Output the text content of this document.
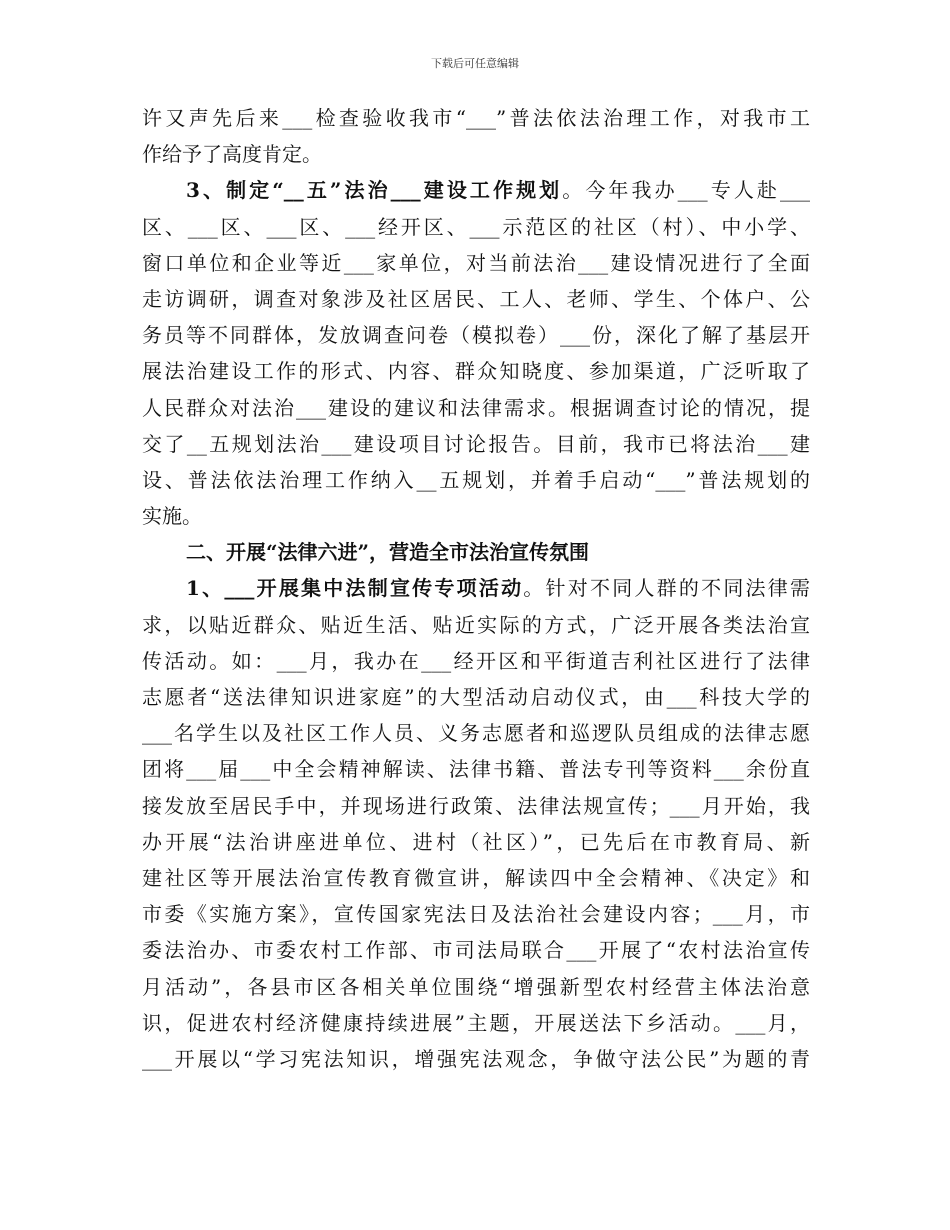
下载后可任意编辑
许又声先后来___检查验收我市“___”普法依法治理工作，对我市工
作给予了高度肯定。
3、制定“__五”法治___建设工作规划。今年我办___专人赴___
区、___区、___区、___经开区、___示范区的社区（村）、中小学、
窗口单位和企业等近___家单位，对当前法治___建设情况进行了全面
走访调研，调查对象涉及社区居民、工人、老师、学生、个体户、公
务员等不同群体，发放调查问卷（模拟卷）___份，深化了解了基层开
展法治建设工作的形式、内容、群众知晓度、参加渠道，广泛听取了
人民群众对法治___建设的建议和法律需求。根据调查讨论的情况，提
交了__五规划法治___建设项目讨论报告。目前，我市已将法治___建
设、普法依法治理工作纳入__五规划，并着手启动“___”普法规划的
实施。
二、开展“法律六进”，营造全市法治宣传氛围
1、___开展集中法制宣传专项活动。针对不同人群的不同法律需
求，以贴近群众、贴近生活、贴近实际的方式，广泛开展各类法治宣
传活动。如：___月，我办在___经开区和平街道吉利社区进行了法律
志愿者“送法律知识进家庭”的大型活动启动仪式，由___科技大学的
___名学生以及社区工作人员、义务志愿者和巡逻队员组成的法律志愿
团将___届___中全会精神解读、法律书籍、普法专刊等资料___余份直
接发放至居民手中，并现场进行政策、法律法规宣传；___月开始，我
办开展“法治讲座进单位、进村（社区）”，已先后在市教育局、新
建社区等开展法治宣传教育微宣讲，解读四中全会精神、《决定》和
市委《实施方案》，宣传国家宪法日及法治社会建设内容；___月，市
委法治办、市委农村工作部、市司法局联合___开展了“农村法治宣传
月活动”，各县市区各相关单位围绕“增强新型农村经营主体法治意
识，促进农村经济健康持续进展”主题，开展送法下乡活动。___月，
___开展以“学习宪法知识，增强宪法观念，争做守法公民”为题的青
